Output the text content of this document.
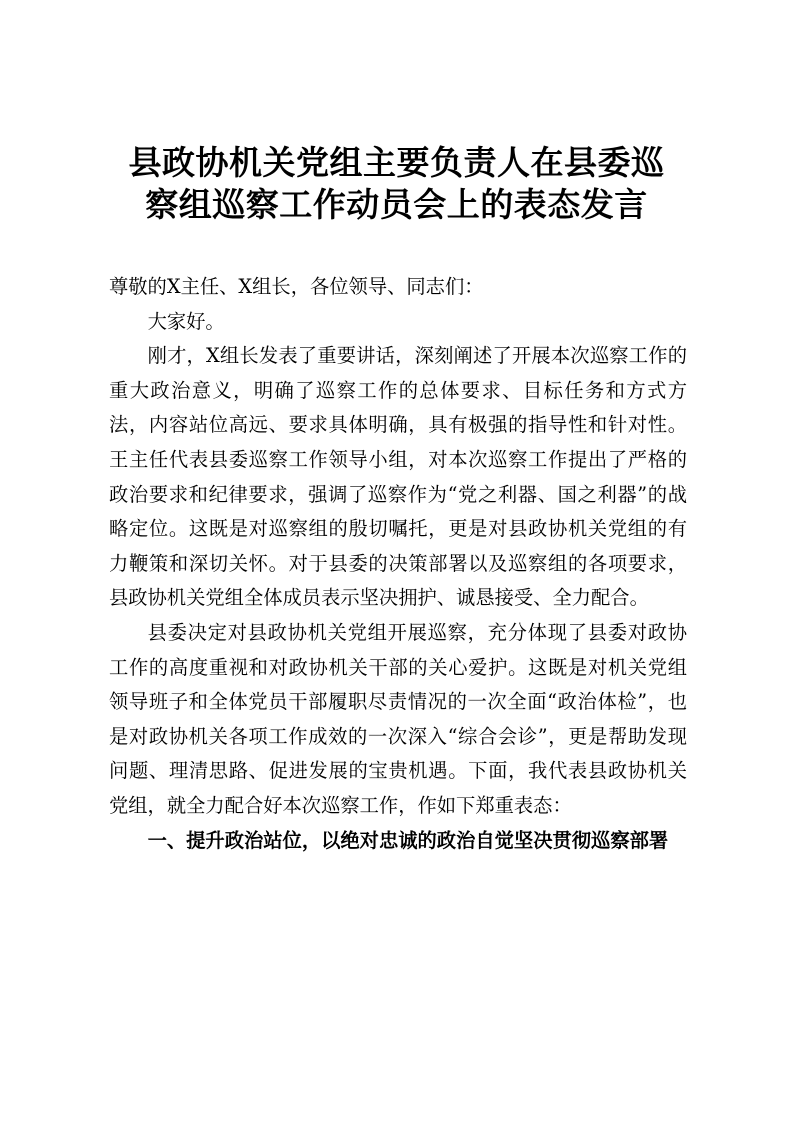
县政协机关党组主要负责人在县委巡
察组巡察工作动员会上的表态发言

尊敬的X主任、X组长，各位领导、同志们：

大家好。

刚才，X组长发表了重要讲话，深刻阐述了开展本次巡察工作的重大政治意义，明确了巡察工作的总体要求、目标任务和方式方法，内容站位高远、要求具体明确，具有极强的指导性和针对性。王主任代表县委巡察工作领导小组，对本次巡察工作提出了严格的政治要求和纪律要求，强调了巡察作为“党之利器、国之利器”的战略定位。这既是对巡察组的殷切嘱托，更是对县政协机关党组的有力鞭策和深切关怀。对于县委的决策部署以及巡察组的各项要求，县政协机关党组全体成员表示坚决拥护、诚恳接受、全力配合。

县委决定对县政协机关党组开展巡察，充分体现了县委对政协工作的高度重视和对政协机关干部的关心爱护。这既是对机关党组领导班子和全体党员干部履职尽责情况的一次全面“政治体检”，也是对政协机关各项工作成效的一次深入“综合会诊”，更是帮助发现问题、理清思路、促进发展的宝贵机遇。下面，我代表县政协机关党组，就全力配合好本次巡察工作，作如下郑重表态：

一、提升政治站位，以绝对忠诚的政治自觉坚决贯彻巡察部署
